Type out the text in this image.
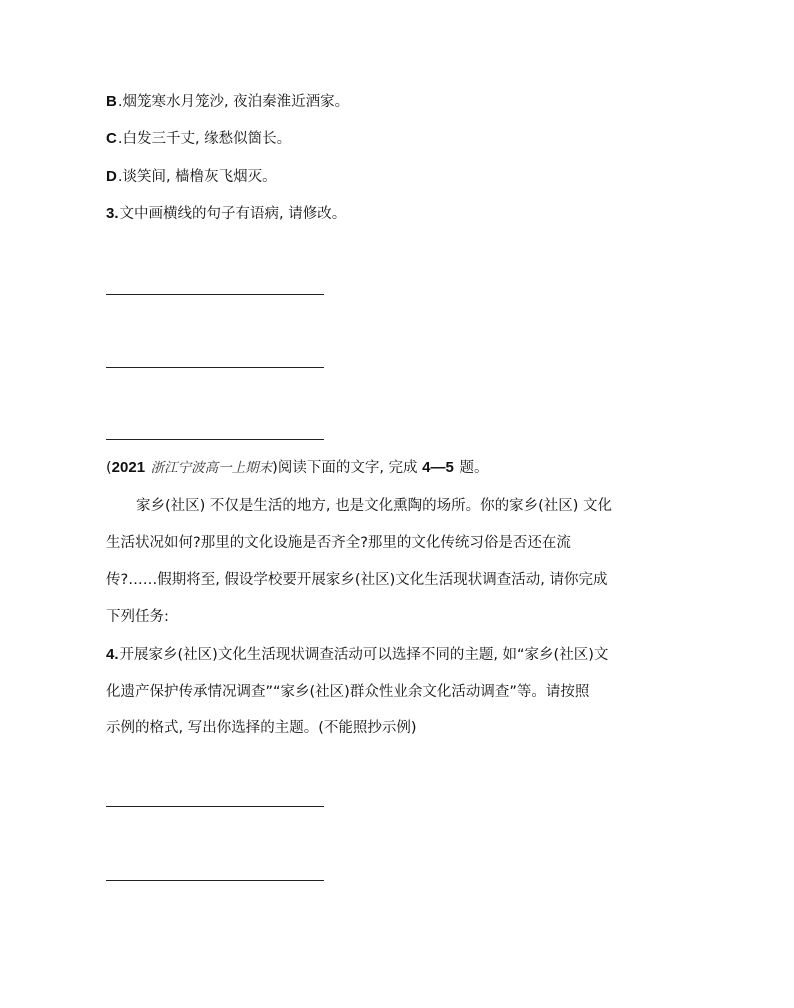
B.烟笼寒水月笼沙, 夜泊秦淮近酒家。
C.白发三千丈, 缘愁似箇长。
D.谈笑间, 樯橹灰飞烟灭。
3.文中画横线的句子有语病, 请修改。
(2021 浙江宁波高一上期末)阅读下面的文字, 完成 4—5 题。
家乡(社区) 不仅是生活的地方, 也是文化熏陶的场所。你的家乡(社区) 文化
生活状况如何?那里的文化设施是否齐全?那里的文化传统习俗是否还在流
传?……假期将至, 假设学校要开展家乡(社区)文化生活现状调查活动, 请你完成
下列任务:
4.开展家乡(社区)文化生活现状调查活动可以选择不同的主题, 如“家乡(社区)文
化遗产保护传承情况调查”“家乡(社区)群众性业余文化活动调查”等。请按照
示例的格式, 写出你选择的主题。(不能照抄示例)
